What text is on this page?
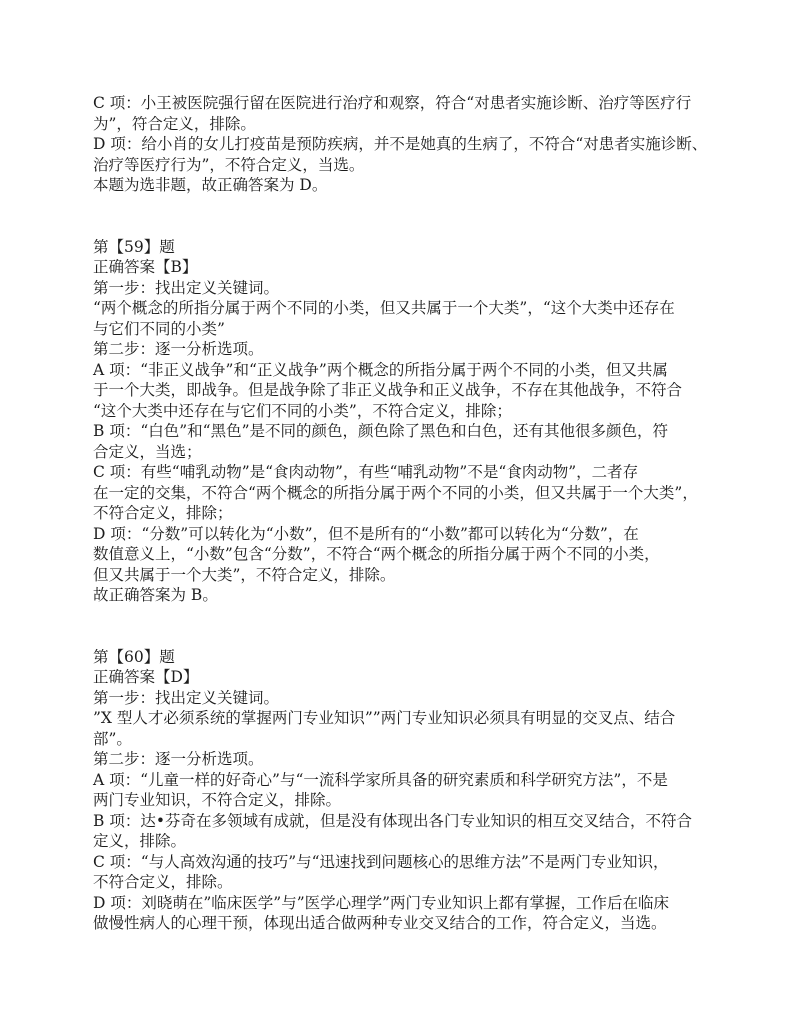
C 项：小王被医院强行留在医院进行治疗和观察，符合“对患者实施诊断、治疗等医疗行
为”，符合定义，排除。
D 项：给小肖的女儿打疫苗是预防疾病，并不是她真的生病了，不符合“对患者实施诊断、
治疗等医疗行为”，不符合定义，当选。
本题为选非题，故正确答案为 D。
第【59】题
正确答案【B】
第一步：找出定义关键词。
“两个概念的所指分属于两个不同的小类，但又共属于一个大类”，“这个大类中还存在
与它们不同的小类”
第二步：逐一分析选项。
A 项：“非正义战争”和“正义战争”两个概念的所指分属于两个不同的小类，但又共属
于一个大类，即战争。但是战争除了非正义战争和正义战争，不存在其他战争，不符合
“这个大类中还存在与它们不同的小类”，不符合定义，排除；
B 项：“白色”和“黑色”是不同的颜色，颜色除了黑色和白色，还有其他很多颜色，符
合定义，当选；
C 项：有些“哺乳动物”是“食肉动物”，有些“哺乳动物”不是“食肉动物”，二者存
在一定的交集，不符合“两个概念的所指分属于两个不同的小类，但又共属于一个大类”，
不符合定义，排除；
D 项：“分数”可以转化为“小数”，但不是所有的“小数”都可以转化为“分数”，在
数值意义上，“小数”包含“分数”，不符合“两个概念的所指分属于两个不同的小类，
但又共属于一个大类”，不符合定义，排除。
故正确答案为 B。
第【60】题
正确答案【D】
第一步：找出定义关键词。
”X 型人才必须系统的掌握两门专业知识””两门专业知识必须具有明显的交叉点、结合
部”。
第二步：逐一分析选项。
A 项：“儿童一样的好奇心”与“一流科学家所具备的研究素质和科学研究方法”，不是
两门专业知识，不符合定义，排除。
B 项：达•芬奇在多领域有成就，但是没有体现出各门专业知识的相互交叉结合，不符合
定义，排除。
C 项：“与人高效沟通的技巧”与“迅速找到问题核心的思维方法”不是两门专业知识，
不符合定义，排除。
D 项：刘晓萌在”临床医学”与”医学心理学”两门专业知识上都有掌握，工作后在临床
做慢性病人的心理干预，体现出适合做两种专业交叉结合的工作，符合定义，当选。
